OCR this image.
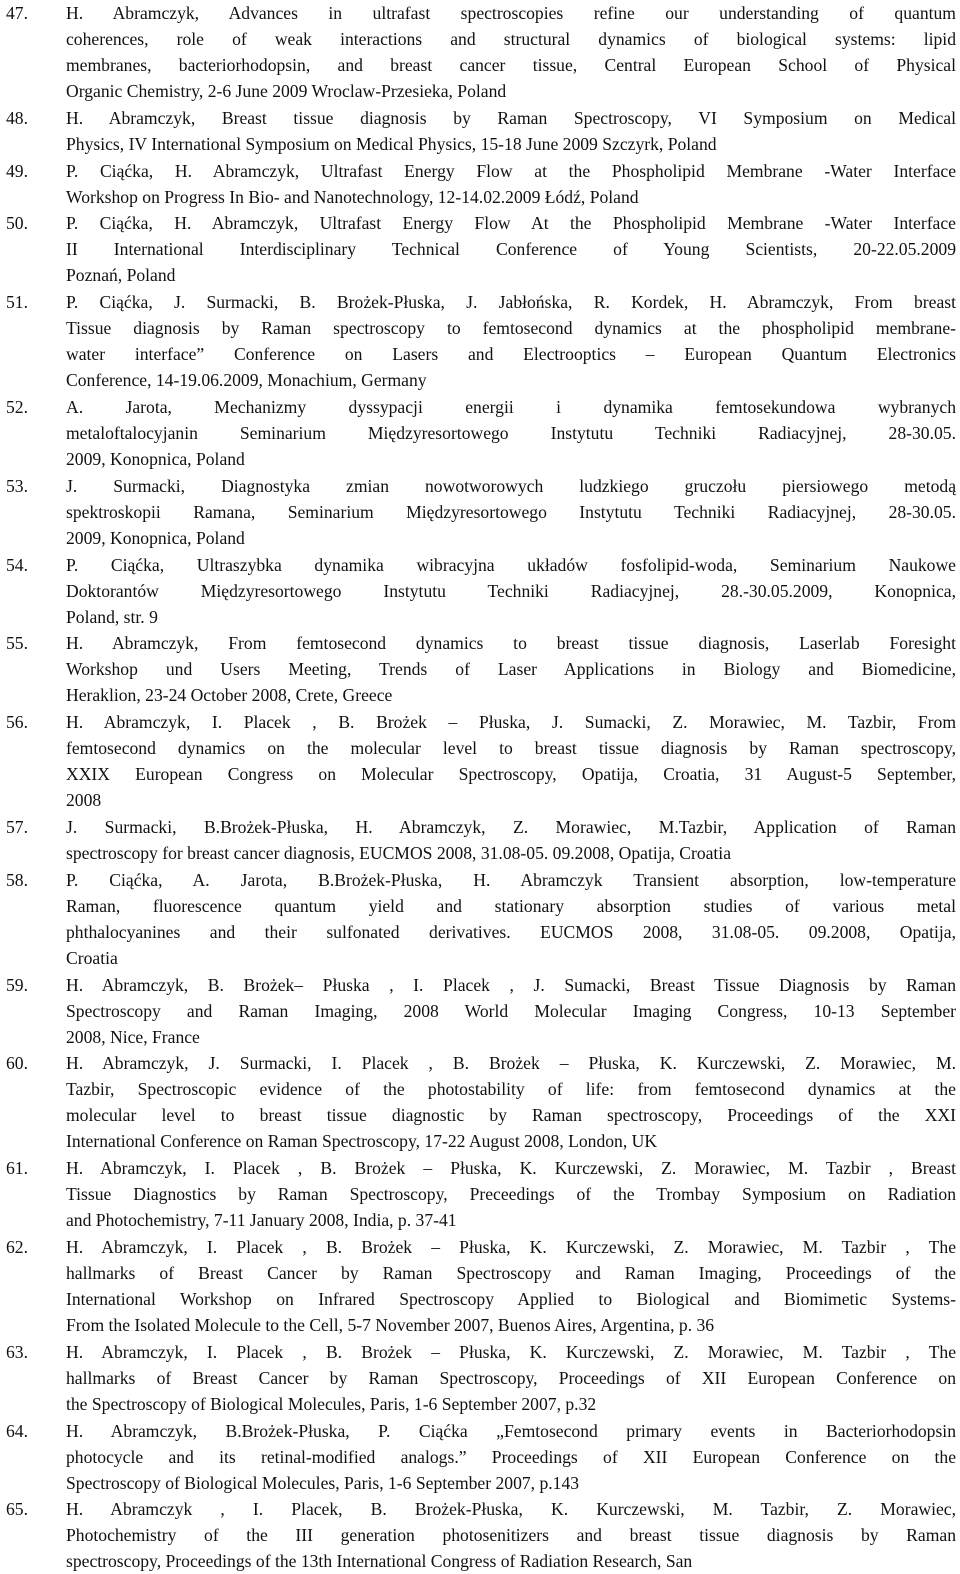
47. H. Abramczyk, Advances in ultrafast spectroscopies refine our understanding of quantum
coherences, role of weak interactions and structural dynamics of biological systems: lipid
membranes, bacteriorhodopsin, and breast cancer tissue, Central European School of Physical
Organic Chemistry, 2-6 June 2009 Wroclaw-Przesieka, Poland
48. H. Abramczyk, Breast tissue diagnosis by Raman Spectroscopy, VI Symposium on Medical
Physics, IV International Symposium on Medical Physics, 15-18 June 2009 Szczyrk, Poland
49. P. Ciąćka, H. Abramczyk, Ultrafast Energy Flow at the Phospholipid Membrane -Water Interface
Workshop on Progress In Bio- and Nanotechnology, 12-14.02.2009 Łódź, Poland
50. P. Ciąćka, H. Abramczyk, Ultrafast Energy Flow At the Phospholipid Membrane -Water Interface
II International Interdisciplinary Technical Conference of Young Scientists, 20-22.05.2009
Poznań, Poland
51. P. Ciąćka, J. Surmacki, B. Brożek-Płuska, J. Jabłońska, R. Kordek, H. Abramczyk, From breast
Tissue diagnosis by Raman spectroscopy to femtosecond dynamics at the phospholipid membrane-
water interface” Conference on Lasers and Electrooptics – European Quantum Electronics
Conference, 14-19.06.2009, Monachium, Germany
52. A. Jarota, Mechanizmy dyssypacji energii i dynamika femtosekundowa wybranych
metaloftalocyjanin Seminarium Międzyresortowego Instytutu Techniki Radiacyjnej, 28-30.05.
2009, Konopnica, Poland
53. J. Surmacki, Diagnostyka zmian nowotworowych ludzkiego gruczołu piersiowego metodą
spektroskopii Ramana, Seminarium Międzyresortowego Instytutu Techniki Radiacyjnej, 28-30.05.
2009, Konopnica, Poland
54. P. Ciąćka, Ultraszybka dynamika wibracyjna układów fosfolipid-woda, Seminarium Naukowe
Doktorantów Międzyresortowego Instytutu Techniki Radiacyjnej, 28.-30.05.2009, Konopnica,
Poland, str. 9
55. H. Abramczyk, From femtosecond dynamics to breast tissue diagnosis, Laserlab Foresight
Workshop und Users Meeting, Trends of Laser Applications in Biology and Biomedicine,
Heraklion, 23-24 October 2008, Crete, Greece
56. H. Abramczyk, I. Placek , B. Brożek – Płuska, J. Sumacki, Z. Morawiec, M. Tazbir, From
femtosecond dynamics on the molecular level to breast tissue diagnosis by Raman spectroscopy,
XXIX European Congress on Molecular Spectroscopy, Opatija, Croatia, 31 August-5 September,
2008
57. J. Surmacki, B.Brożek-Płuska, H. Abramczyk, Z. Morawiec, M.Tazbir, Application of Raman
spectroscopy for breast cancer diagnosis, EUCMOS 2008, 31.08-05. 09.2008, Opatija, Croatia
58. P. Ciąćka, A. Jarota, B.Brożek-Płuska, H. Abramczyk Transient absorption, low-temperature
Raman, fluorescence quantum yield and stationary absorption studies of various metal
phthalocyanines and their sulfonated derivatives. EUCMOS 2008, 31.08-05. 09.2008, Opatija,
Croatia
59. H. Abramczyk, B. Brożek– Płuska , I. Placek , J. Sumacki, Breast Tissue Diagnosis by Raman
Spectroscopy and Raman Imaging, 2008 World Molecular Imaging Congress, 10-13 September
2008, Nice, France
60. H. Abramczyk, J. Surmacki, I. Placek , B. Brożek – Płuska, K. Kurczewski, Z. Morawiec, M.
Tazbir, Spectroscopic evidence of the photostability of life: from femtosecond dynamics at the
molecular level to breast tissue diagnostic by Raman spectroscopy, Proceedings of the XXI
International Conference on Raman Spectroscopy, 17-22 August 2008, London, UK
61. H. Abramczyk, I. Placek , B. Brożek – Płuska, K. Kurczewski, Z. Morawiec, M. Tazbir , Breast
Tissue Diagnostics by Raman Spectroscopy, Preceedings of the Trombay Symposium on Radiation
and Photochemistry, 7-11 January 2008, India, p. 37-41
62. H. Abramczyk, I. Placek , B. Brożek – Płuska, K. Kurczewski, Z. Morawiec, M. Tazbir , The
hallmarks of Breast Cancer by Raman Spectroscopy and Raman Imaging, Proceedings of the
International Workshop on Infrared Spectroscopy Applied to Biological and Biomimetic Systems-
From the Isolated Molecule to the Cell, 5-7 November 2007, Buenos Aires, Argentina, p. 36
63. H. Abramczyk, I. Placek , B. Brożek – Płuska, K. Kurczewski, Z. Morawiec, M. Tazbir , The
hallmarks of Breast Cancer by Raman Spectroscopy, Proceedings of XII European Conference on
the Spectroscopy of Biological Molecules, Paris, 1-6 September 2007, p.32
64. H. Abramczyk, B.Brożek-Płuska, P. Ciąćka „Femtosecond primary events in Bacteriorhodopsin
photocycle and its retinal-modified analogs.” Proceedings of XII European Conference on the
Spectroscopy of Biological Molecules, Paris, 1-6 September 2007, p.143
65. H. Abramczyk , I. Placek, B. Brożek-Płuska, K. Kurczewski, M. Tazbir, Z. Morawiec,
Photochemistry of the III generation photosenitizers and breast tissue diagnosis by Raman
spectroscopy, Proceedings of the 13th International Congress of Radiation Research, San
